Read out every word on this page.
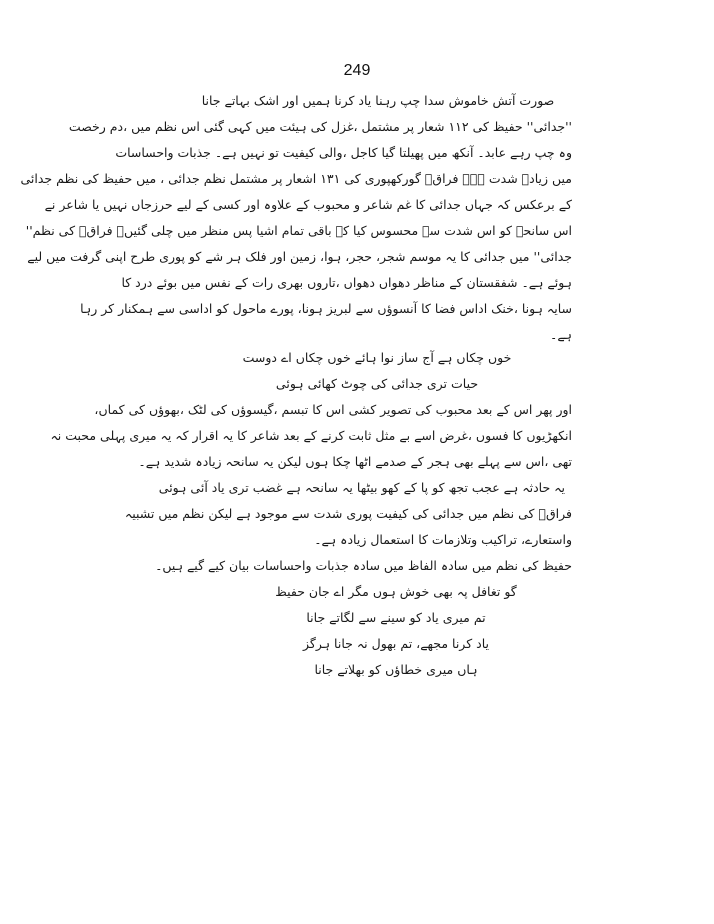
249
صورت آتش خاموش سدا چپ رہنا یاد کرنا ہمیں اور اشک بہاتے جانا
''جدائی'' حفیظ کی ۱۱۲ شعار پر مشتمل ،غزل کی ہیئت میں کہی گئی اس نظم میں ،دم رخصت
وہ چپ رہے عابد۔ آنکھ میں پھیلتا گیا کاجل ،والی کیفیت تو نہیں ہے۔ جذبات واحساسات
میں زیادہ شدت ہے۔ فراقؔ گورکھپوری کی ۱۳۱ اشعار پر مشتمل نظم جدائی ، میں حفیظ کی نظم جدائی
کے برعکس کہ جہاں جدائی کا غم شاعر و محبوب کے علاوہ اور کسی کے لیے حرزجاں نہیں یا شاعر نے
اس سانحے کو اس شدت سے محسوس کیا کہ باقی تمام اشیا پس منظر میں چلی گئیں۔ فراقؔ کی نظم''
جدائی'' میں جدائی کا یہ موسم شجر، حجر، ہوا، زمین اور فلک ہر شے کو پوری طرح اپنی گرفت میں لیے
ہوئے ہے۔ شفقستان کے مناظر دھواں دھواں ،تاروں بھری رات کے نفس میں بوئے درد کا
سایہ ہونا ،خنک اداس فضا کا آنسوؤں سے لبریز ہونا، پورے ماحول کو اداسی سے ہمکنار کر رہا
ہے۔
خوں چکاں ہے آج ساز نوا ہائے خوں چکاں اے دوست
حیات تری جدائی کی چوٹ کھائی ہوئی
اور پھر اس کے بعد محبوب کی تصویر کشی اس کا تبسم ،گیسوؤں کی لٹک ،بھوؤں کی کماں،
انکھڑیوں کا فسوں ،غرض اسے بے مثل ثابت کرنے کے بعد شاعر کا یہ اقرار کہ یہ میری پہلی محبت نہ
تھی ،اس سے پہلے بھی ہجر کے صدمے اٹھا چکا ہوں لیکن یہ سانحہ زیادہ شدید ہے۔
یہ حادثہ ہے عجب تجھ کو پا کے کھو بیٹھا یہ سانحہ ہے غضب تری یاد آئی ہوئی
فراقؔ کی نظم میں جدائی کی کیفیت پوری شدت سے موجود ہے لیکن نظم میں تشبیہ
واستعارے، تراکیب وتلازمات کا استعمال زیادہ ہے۔
حفیظ کی نظم میں سادہ الفاظ میں سادہ جذبات واحساسات بیان کیے گیے ہیں۔
گو تغافل پہ بھی خوش ہوں مگر اے جان حفیظ
تم میری یاد کو سینے سے لگاتے جانا
یاد کرنا مجھے، تم بھول نہ جانا ہرگز
ہاں میری خطاؤں کو بھلاتے جانا
